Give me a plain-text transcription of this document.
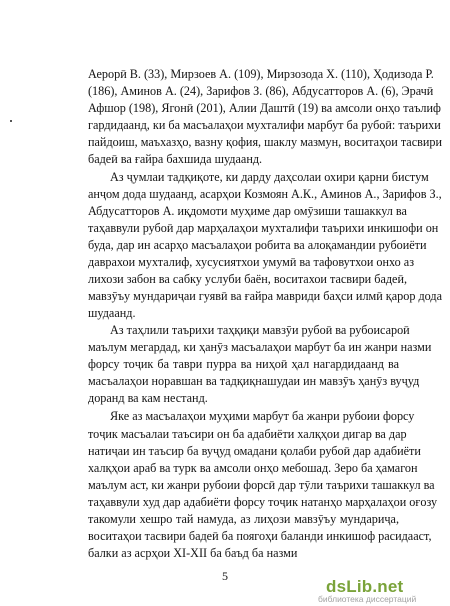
Аерорӣ В. (33), Мирзоев А. (109), Мирзозода Х. (110), Ҳодизода Р.
(186), Аминов А. (24), Зарифов З. (86), Абдусатторов А. (6), Эрачӣ
Афшор (198), Ягонӣ (201), Алии Даштӣ (19) ва амсоли онҳо таълиф
гардидаанд, ки ба масъалаҳои мухталифи марбут ба рубоӣ: таърихи
пайдоиш, маъхазҳо, вазну қофия, шаклу мазмун, воситаҳои тасвири
бадеӣ ва ғайра бахшида шудаанд.
Аз ҷумлаи тадқиқоте, ки дарду даҳсолаи охири қарни бистум
анҷом дода шудаанд, асарҳои Козмоян А.К., Аминов А., Зарифов З.,
Абдусатторов А. иқдомоти муҳиме дар омӯзиши ташаккул ва
таҳаввули рубоӣ дар марҳалаҳои мухталифи таърихи инкишофи он
буда, дар ин асарҳо масъалаҳои робита ва алоқамандии рубоиёти
даврахои мухталиф, хусусиятхои умумӣ ва тафовутхои онхо аз
лихози забон ва сабку услуби баён, воситахои тасвири бадеӣ,
мавзӯъу мундариҷаи гуявӣ ва ғайра мавриди баҳси илмӣ қарор дода
шудаанд.
Аз таҳлили таърихи таҳқиқи мавзӯи рубоӣ ва рубоисароӣ
маълум мегардад, ки ҳанӯз масъалаҳои марбут ба ин жанри назми
форсу тоҷик ба таври пурра ва ниҳоӣ ҳал нагардидаанд ва
масъалаҳои норавшан ва тадқиқнашудаи ин мавзӯъ ҳанӯз вуҷуд
доранд ва кам нестанд.
Яке аз масъалаҳои муҳими марбут ба жанри рубоии форсу
тоҷик масъалаи таъсири он ба адабиёти халқҳои дигар ва дар
натиҷаи ин таъсир ба вуҷуд омадани қолаби рубоӣ дар адабиёти
халқҳои араб ва турк ва амсоли онҳо мебошад. Зеро ба ҳамагон
маълум аст, ки жанри рубоии форсӣ дар тӯли таърихи ташаккул ва
таҳаввули худ дар адабиёти форсу тоҷик натанҳо марҳалаҳои оғозу
такомули хешро тай намуда, аз лиҳози мавзӯъу мундариҷа,
воситаҳои тасвири бадеӣ ба поягоҳи баланди инкишоф расидааст,
балки аз асрҳои XI-XII ба баъд ба назми
5
dsLib.net
библиотека диссертаций
